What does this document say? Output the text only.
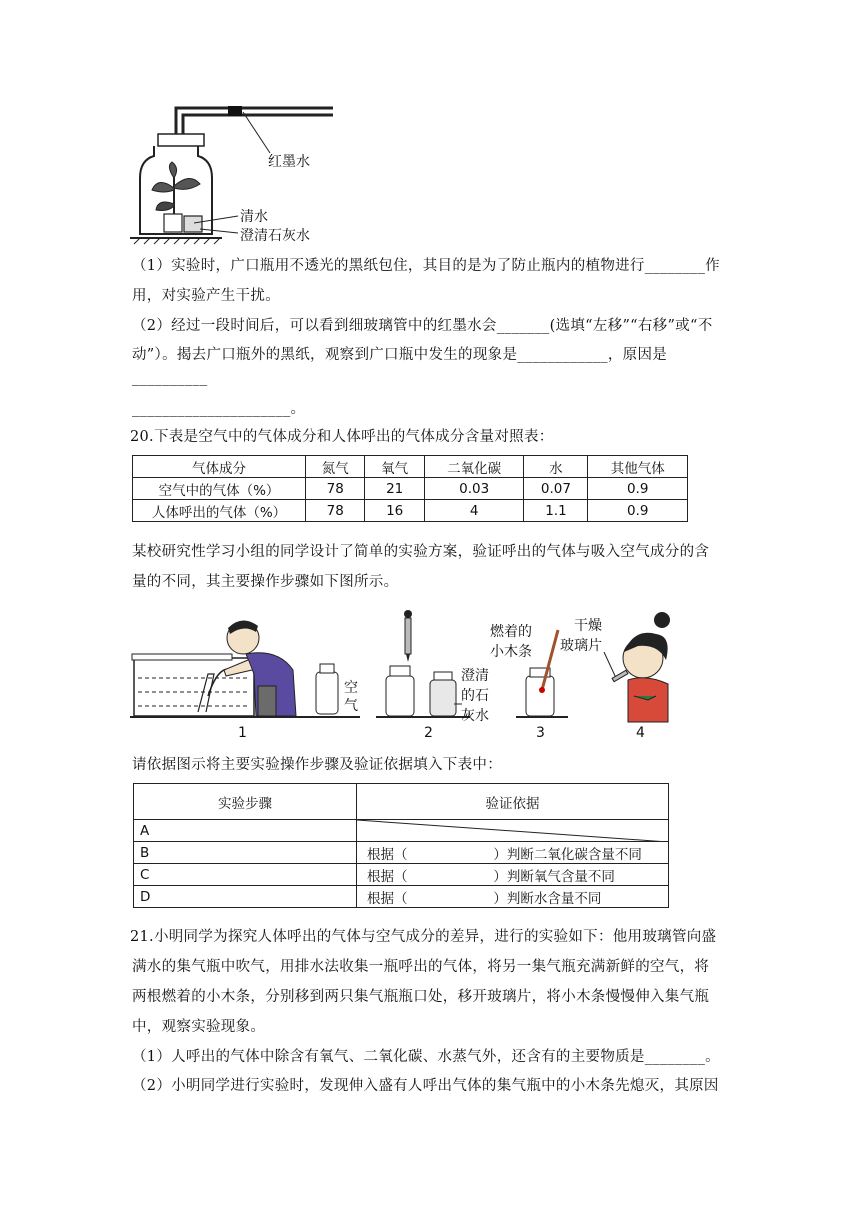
红墨水
清水
澄清石灰水
（1）实验时，广口瓶用不透光的黑纸包住，其目的是为了防止瓶内的植物进行________作
用，对实验产生干扰。
（2）经过一段时间后，可以看到细玻璃管中的红墨水会_______(选填“左移”“右移”或“不
动”）。揭去广口瓶外的黑纸，观察到广口瓶中发生的现象是____________，原因是
__________
_____________________。
20.下表是空气中的气体成分和人体呼出的气体成分含量对照表：
气体成分	氮气	氧气	二氧化碳	水	其他气体
空气中的气体（%）	78	21	0.03	0.07	0.9
人体呼出的气体（%）	78	16	4	1.1	0.9
某校研究性学习小组的同学设计了简单的实验方案，验证呼出的气体与吸入空气成分的含
量的不同，其主要操作步骤如下图所示。
空
气
1
澄清
的石
灰水
2
燃着的
小木条
3
干燥
玻璃片
4
请依据图示将主要实验操作步骤及验证依据填入下表中：
实验步骤	验证依据
A	

B	根据（                    ）判断二氧化碳含量不同
C	根据（                    ）判断氧气含量不同
D	根据（                    ）判断水含量不同
21.小明同学为探究人体呼出的气体与空气成分的差异，进行的实验如下：他用玻璃管向盛
满水的集气瓶中吹气，用排水法收集一瓶呼出的气体，将另一集气瓶充满新鲜的空气，将
两根燃着的小木条，分别移到两只集气瓶瓶口处，移开玻璃片，将小木条慢慢伸入集气瓶
中，观察实验现象。
（1）人呼出的气体中除含有氧气、二氧化碳、水蒸气外，还含有的主要物质是________。
（2）小明同学进行实验时，发现伸入盛有人呼出气体的集气瓶中的小木条先熄灭，其原因
